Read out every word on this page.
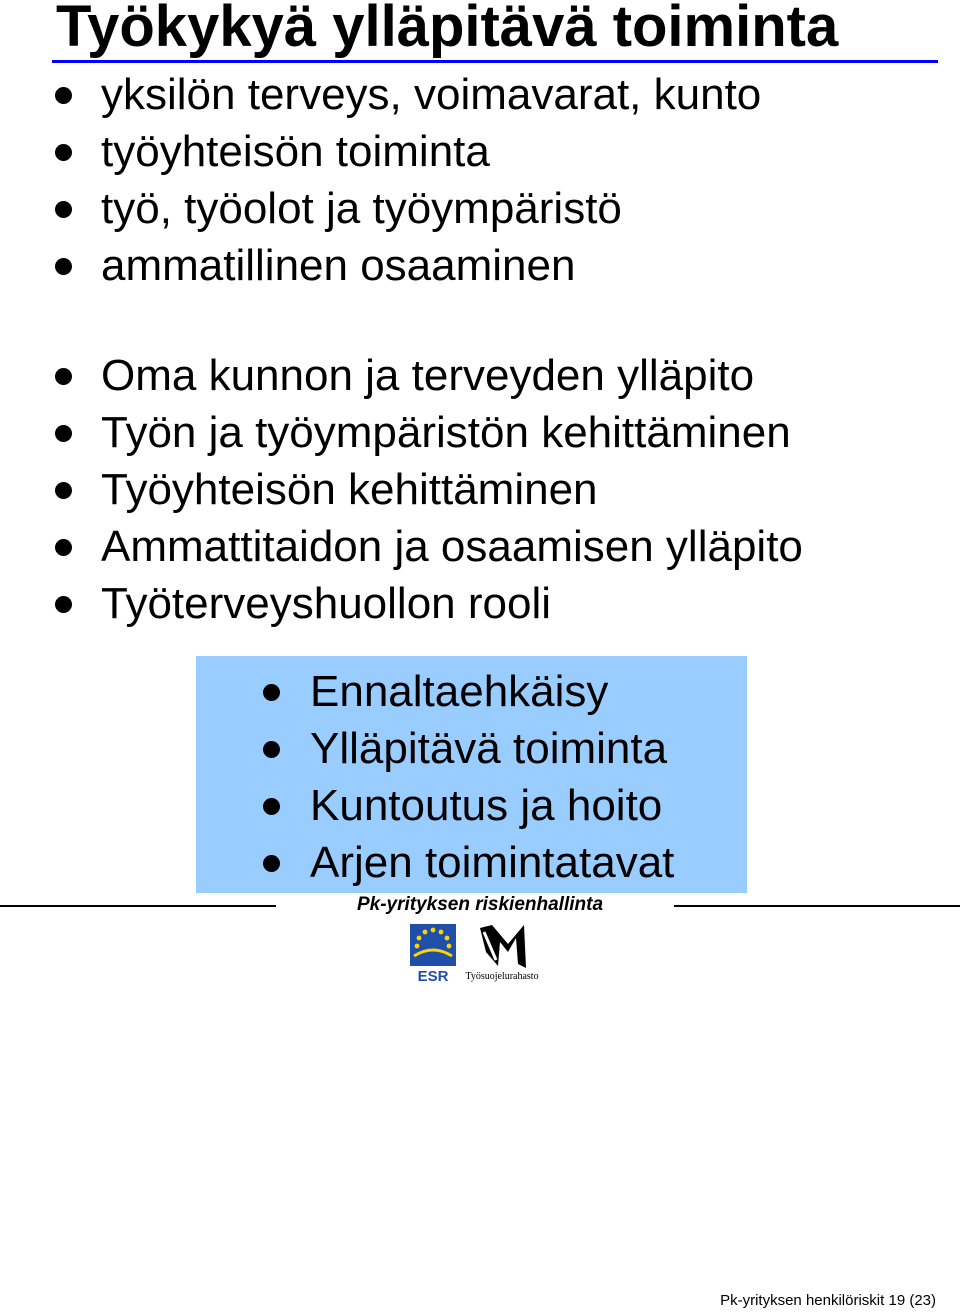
Työkykyä ylläpitävä toiminta
yksilön terveys, voimavarat, kunto
työyhteisön toiminta
työ, työolot ja työympäristö
ammatillinen osaaminen
Oma kunnon ja terveyden ylläpito
Työn ja työympäristön kehittäminen
Työyhteisön kehittäminen
Ammattitaidon ja osaamisen ylläpito
Työterveyshuollon rooli
Ennaltaehkäisy
Ylläpitävä toiminta
Kuntoutus ja hoito
Arjen toimintatavat
Pk-yrityksen riskienhallinta
ESR	Työsuojelurahasto
Pk-yrityksen henkilöriskit 19 (23)
